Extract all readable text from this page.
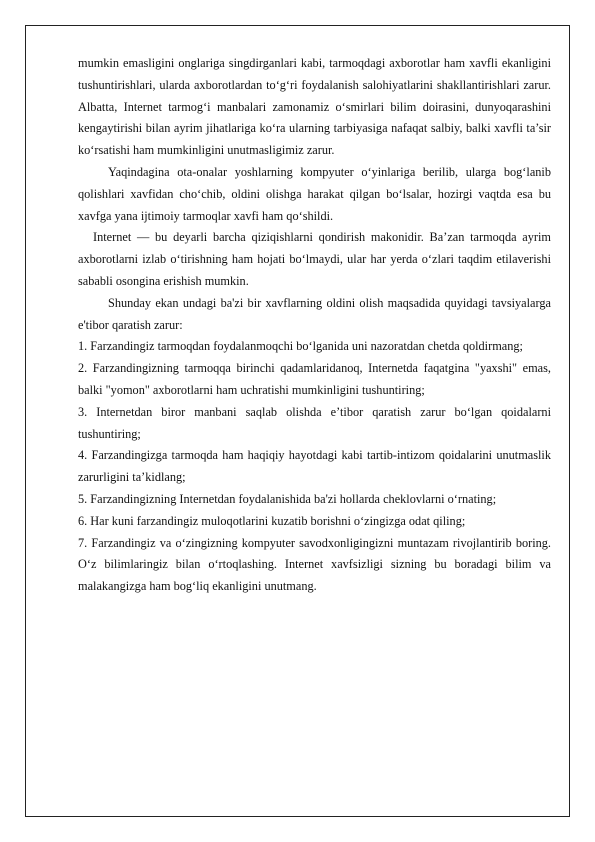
mumkin emasligini onglariga singdirganlari kabi, tarmoqdagi axborotlar ham xavfli ekanligini tushuntirishlari, ularda axborotlardan to‘g‘ri foydalanish salohiyatlarini shakllantirishlari zarur. Albatta, Internet tarmog‘i manbalari zamonamiz o‘smirlari bilim doirasini, dunyoqarashini kengaytirishi bilan ayrim jihatlariga ko‘ra ularning tarbiyasiga nafaqat salbiy, balki xavfli ta’sir ko‘rsatishi ham mumkinligini unutmasligimiz zarur.

Yaqindagina ota-onalar yoshlarning kompyuter o‘yinlariga berilib, ularga bog‘lanib qolishlari xavfidan cho‘chib, oldini olishga harakat qilgan bo‘lsalar, hozirgi vaqtda esa bu xavfga yana ijtimoiy tarmoqlar xavfi ham qo‘shildi.

Internet — bu deyarli barcha qiziqishlarni qondirish makonidir. Ba’zan tarmoqda ayrim axborotlarni izlab o‘tirishning ham hojati bo‘lmaydi, ular har yerda o‘zlari taqdim etilaverishi sababli osongina erishish mumkin.

Shunday ekan undagi ba'zi bir xavflarning oldini olish maqsadida quyidagi tavsiyalarga e'tibor qaratish zarur:

1. Farzandingiz tarmoqdan foydalanmoqchi bo‘lganida uni nazoratdan chetda qoldirmang;

2. Farzandingizning tarmoqqa birinchi qadamlaridanoq, Internetda faqatgina "yaxshi" emas, balki "yomon" axborotlarni ham uchratishi mumkinligini tushuntiring;

3. Internetdan biror manbani saqlab olishda e’tibor qaratish zarur bo‘lgan qoidalarni tushuntiring;

4. Farzandingizga tarmoqda ham haqiqiy hayotdagi kabi tartib-intizom qoidalarini unutmaslik zarurligini ta’kidlang;

5. Farzandingizning Internetdan foydalanishida ba'zi hollarda cheklovlarni o‘rnating;

6. Har kuni farzandingiz muloqotlarini kuzatib borishni o‘zingizga odat qiling;

7. Farzandingiz va o‘zingizning kompyuter savodxonligingizni muntazam rivojlantirib boring. O‘z bilimlaringiz bilan o‘rtoqlashing. Internet xavfsizligi sizning bu boradagi bilim va malakangizga ham bog‘liq ekanligini unutmang.
